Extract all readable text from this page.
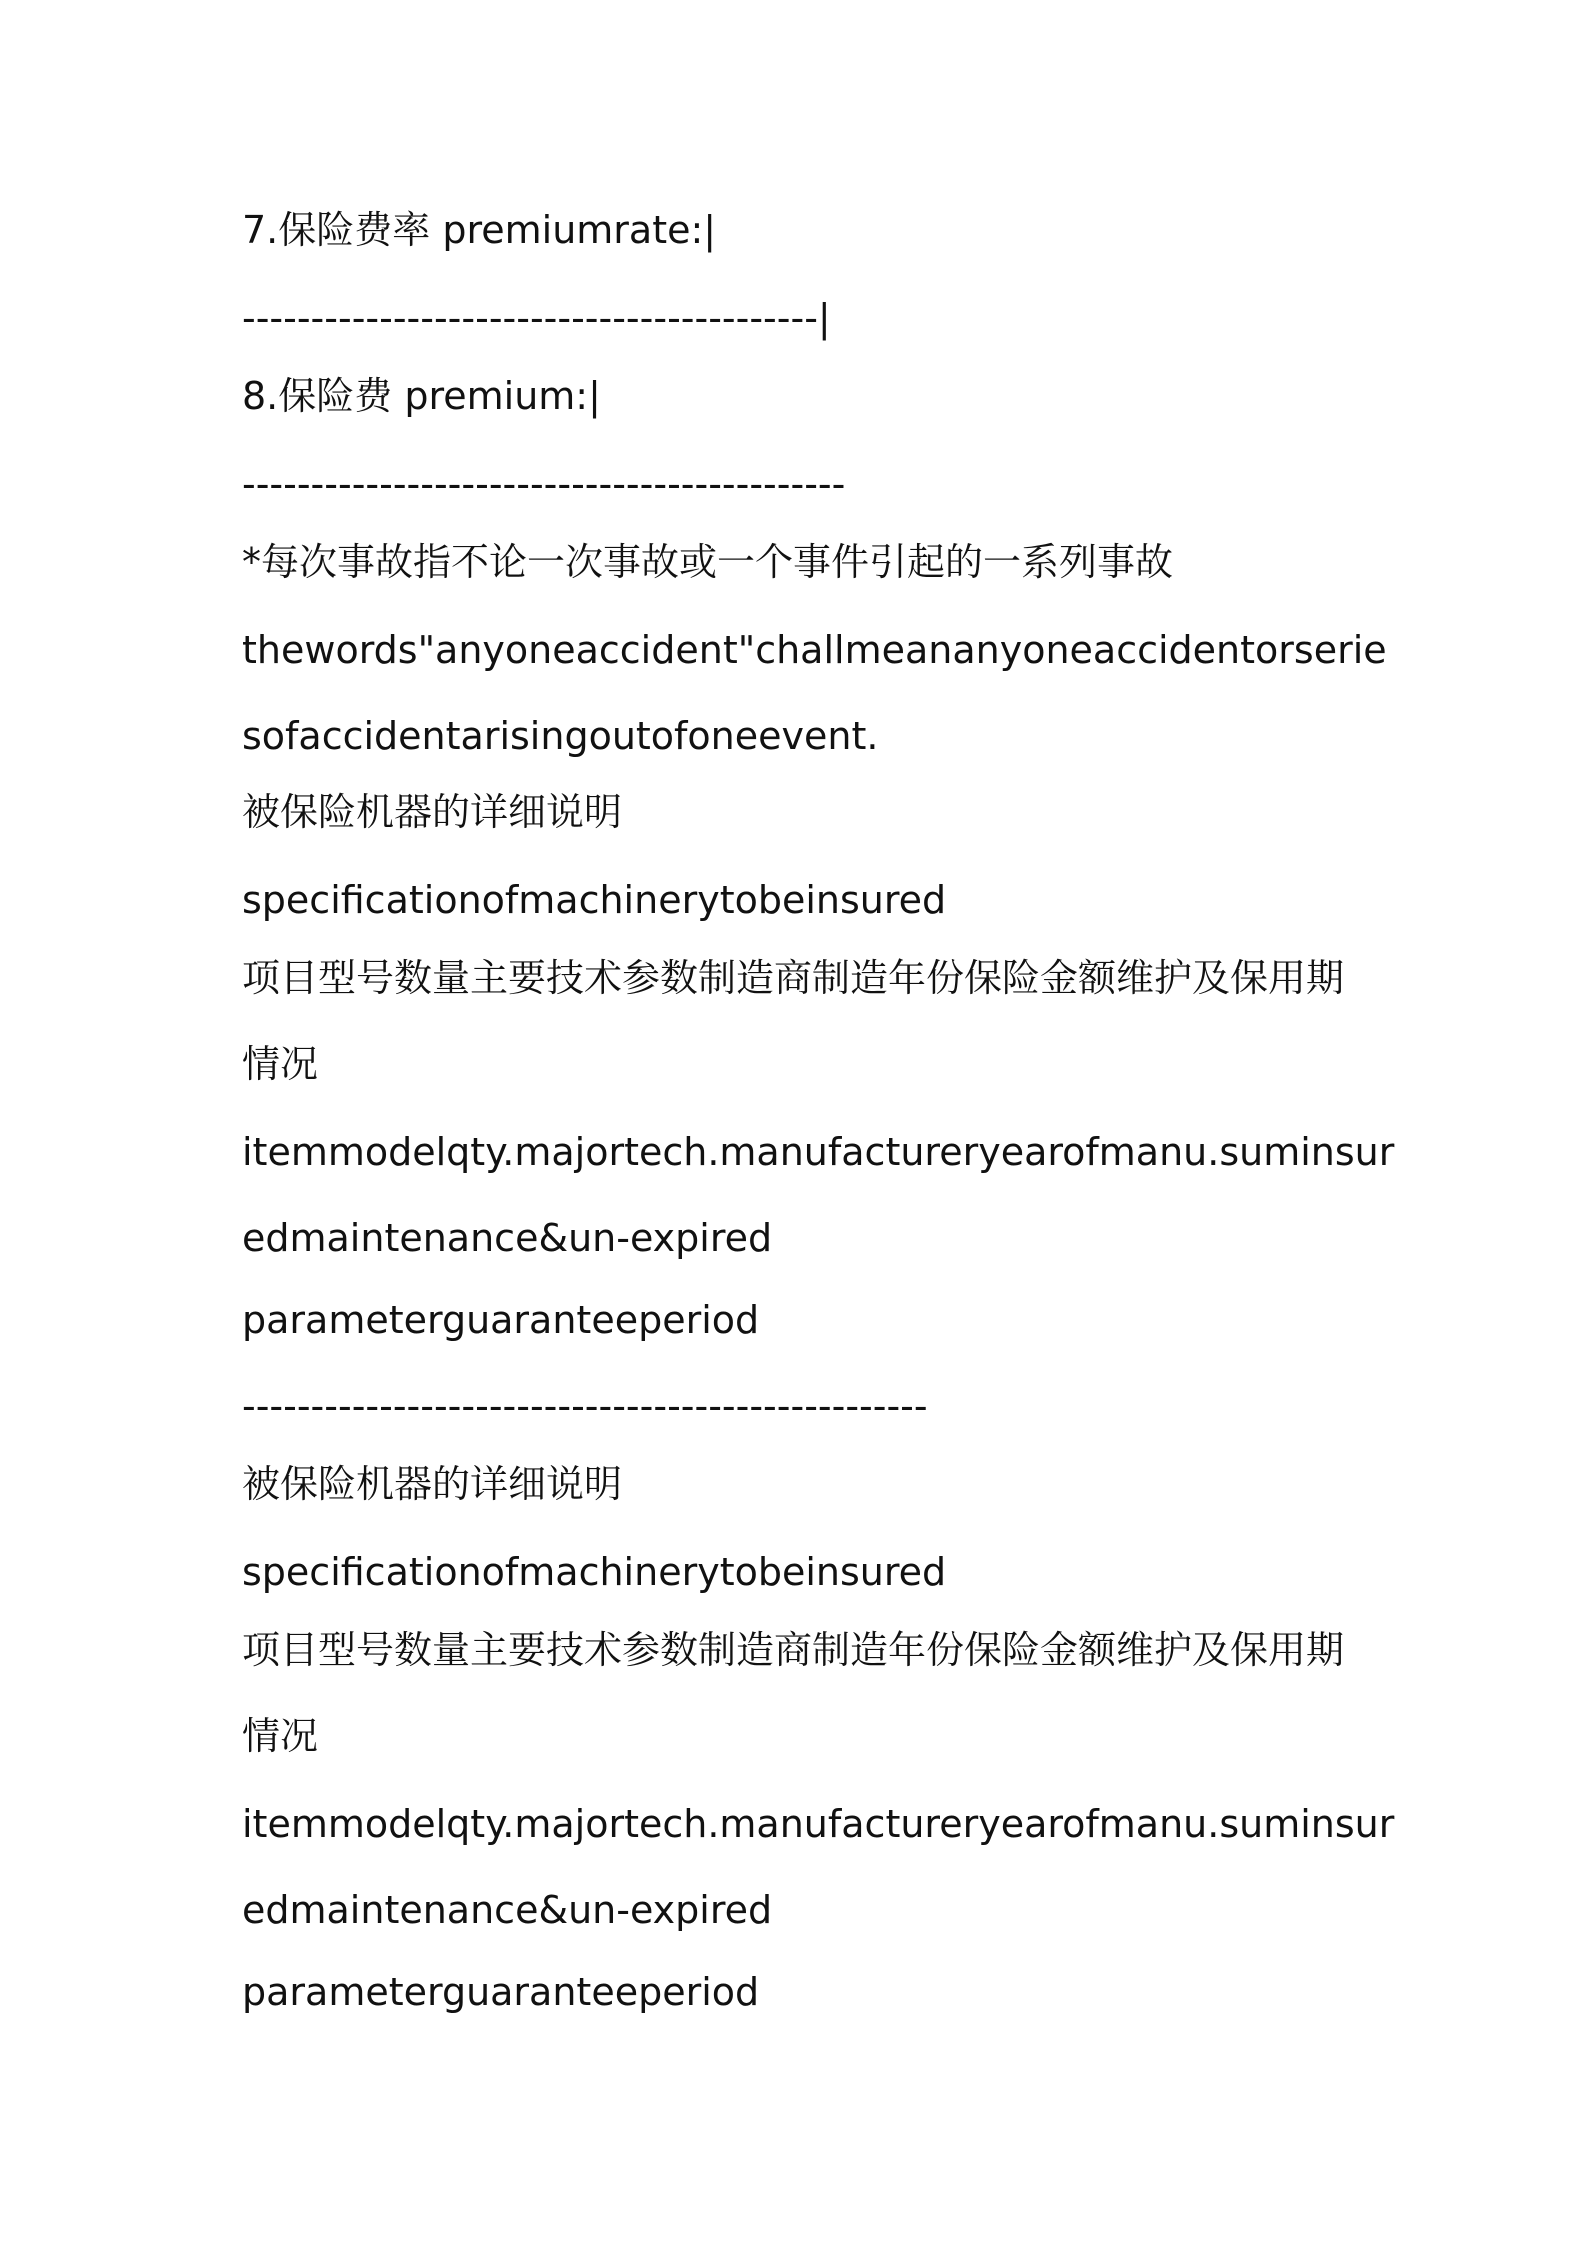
7.保险费率 premiumrate:|

------------------------------------------|

8.保险费 premium:|

--------------------------------------------

*每次事故指不论一次事故或一个事件引起的一系列事故

thewords"anyoneaccident"challmeananyoneaccidentorserie

sofaccidentarisingoutofoneevent.

被保险机器的详细说明

specificationofmachinerytobeinsured

项目型号数量主要技术参数制造商制造年份保险金额维护及保用期

情况

itemmodelqty.majortech.manufactureryearofmanu.suminsur

edmaintenance&un-expired

parameterguaranteeperiod

--------------------------------------------------

被保险机器的详细说明

specificationofmachinerytobeinsured

项目型号数量主要技术参数制造商制造年份保险金额维护及保用期

情况

itemmodelqty.majortech.manufactureryearofmanu.suminsur

edmaintenance&un-expired

parameterguaranteeperiod
